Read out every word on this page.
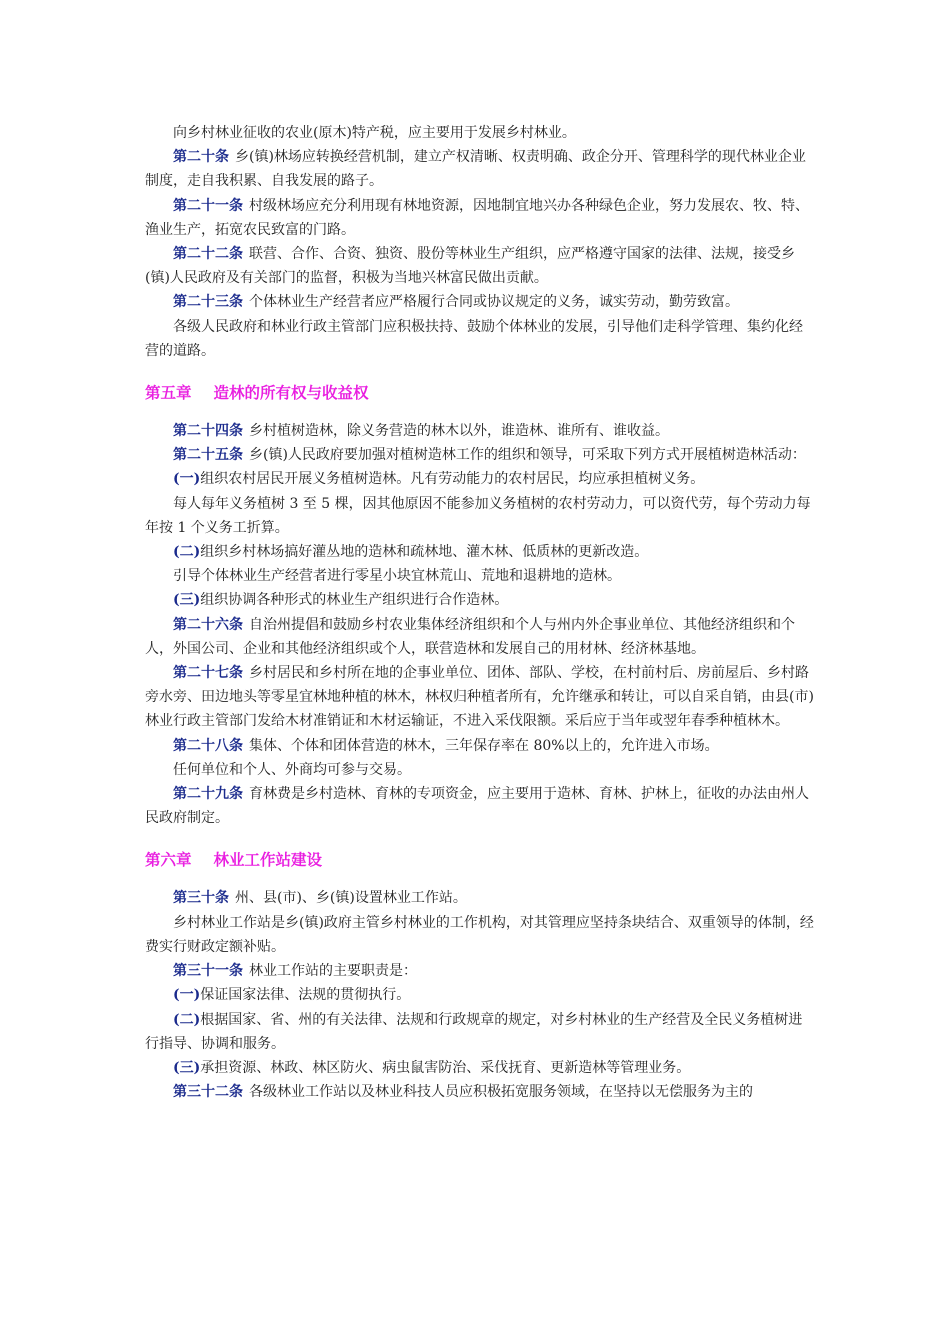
向乡村林业征收的农业(原木)特产税，应主要用于发展乡村林业。

第二十条 乡(镇)林场应转换经营机制，建立产权清晰、权责明确、政企分开、管理科学的现代林业企业制度，走自我积累、自我发展的路子。

第二十一条 村级林场应充分利用现有林地资源，因地制宜地兴办各种绿色企业，努力发展农、牧、特、渔业生产，拓宽农民致富的门路。

第二十二条 联营、合作、合资、独资、股份等林业生产组织，应严格遵守国家的法律、法规，接受乡(镇)人民政府及有关部门的监督，积极为当地兴林富民做出贡献。

第二十三条 个体林业生产经营者应严格履行合同或协议规定的义务，诚实劳动，勤劳致富。

各级人民政府和林业行政主管部门应积极扶持、鼓励个体林业的发展，引导他们走科学管理、集约化经营的道路。

第五章 造林的所有权与收益权

第二十四条 乡村植树造林，除义务营造的林木以外，谁造林、谁所有、谁收益。

第二十五条 乡(镇)人民政府要加强对植树造林工作的组织和领导，可采取下列方式开展植树造林活动：

(一)组织农村居民开展义务植树造林。凡有劳动能力的农村居民，均应承担植树义务。

每人每年义务植树 3 至 5 棵，因其他原因不能参加义务植树的农村劳动力，可以资代劳，每个劳动力每年按 1 个义务工折算。

(二)组织乡村林场搞好灌丛地的造林和疏林地、灌木林、低质林的更新改造。

引导个体林业生产经营者进行零星小块宜林荒山、荒地和退耕地的造林。

(三)组织协调各种形式的林业生产组织进行合作造林。

第二十六条 自治州提倡和鼓励乡村农业集体经济组织和个人与州内外企事业单位、其他经济组织和个人，外国公司、企业和其他经济组织或个人，联营造林和发展自己的用材林、经济林基地。

第二十七条 乡村居民和乡村所在地的企事业单位、团体、部队、学校，在村前村后、房前屋后、乡村路旁水旁、田边地头等零星宜林地种植的林木，林权归种植者所有，允许继承和转让，可以自采自销，由县(市)林业行政主管部门发给木材准销证和木材运输证，不进入采伐限额。采后应于当年或翌年春季种植林木。

第二十八条 集体、个体和团体营造的林木，三年保存率在 80%以上的，允许进入市场。

任何单位和个人、外商均可参与交易。

第二十九条 育林费是乡村造林、育林的专项资金，应主要用于造林、育林、护林上，征收的办法由州人民政府制定。

第六章 林业工作站建设

第三十条 州、县(市)、乡(镇)设置林业工作站。

乡村林业工作站是乡(镇)政府主管乡村林业的工作机构，对其管理应坚持条块结合、双重领导的体制，经费实行财政定额补贴。

第三十一条 林业工作站的主要职责是：

(一)保证国家法律、法规的贯彻执行。

(二)根据国家、省、州的有关法律、法规和行政规章的规定，对乡村林业的生产经营及全民义务植树进行指导、协调和服务。

(三)承担资源、林政、林区防火、病虫鼠害防治、采伐抚育、更新造林等管理业务。

第三十二条 各级林业工作站以及林业科技人员应积极拓宽服务领域，在坚持以无偿服务为主的
